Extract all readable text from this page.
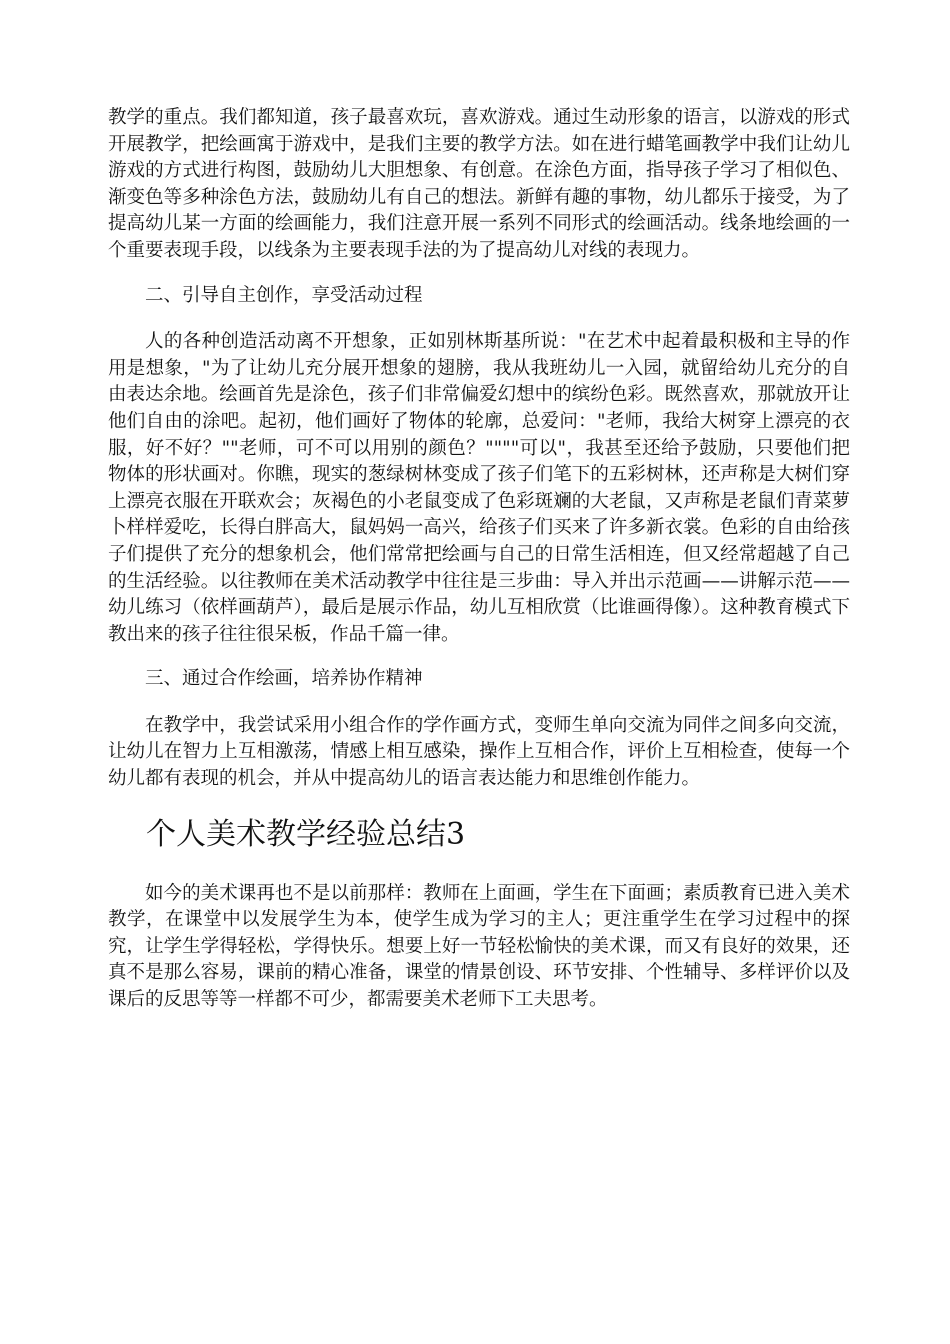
教学的重点。我们都知道，孩子最喜欢玩，喜欢游戏。通过生动形象的语言，以游戏的形式开展教学，把绘画寓于游戏中，是我们主要的教学方法。如在进行蜡笔画教学中我们让幼儿游戏的方式进行构图，鼓励幼儿大胆想象、有创意。在涂色方面，指导孩子学习了相似色、渐变色等多种涂色方法，鼓励幼儿有自己的想法。新鲜有趣的事物，幼儿都乐于接受，为了提高幼儿某一方面的绘画能力，我们注意开展一系列不同形式的绘画活动。线条地绘画的一个重要表现手段，以线条为主要表现手法的为了提高幼儿对线的表现力。

二、引导自主创作，享受活动过程

人的各种创造活动离不开想象，正如别林斯基所说："在艺术中起着最积极和主导的作用是想象，"为了让幼儿充分展开想象的翅膀，我从我班幼儿一入园，就留给幼儿充分的自由表达余地。绘画首先是涂色，孩子们非常偏爱幻想中的缤纷色彩。既然喜欢，那就放开让他们自由的涂吧。起初，他们画好了物体的轮廓，总爱问："老师，我给大树穿上漂亮的衣服，好不好？""老师，可不可以用别的颜色？""""可以"，我甚至还给予鼓励，只要他们把物体的形状画对。你瞧，现实的葱绿树林变成了孩子们笔下的五彩树林，还声称是大树们穿上漂亮衣服在开联欢会；灰褐色的小老鼠变成了色彩斑斓的大老鼠，又声称是老鼠们青菜萝卜样样爱吃，长得白胖高大，鼠妈妈一高兴，给孩子们买来了许多新衣裳。色彩的自由给孩子们提供了充分的想象机会，他们常常把绘画与自己的日常生活相连，但又经常超越了自己的生活经验。以往教师在美术活动教学中往往是三步曲：导入并出示范画——讲解示范——幼儿练习（依样画葫芦），最后是展示作品，幼儿互相欣赏（比谁画得像）。这种教育模式下教出来的孩子往往很呆板，作品千篇一律。

三、通过合作绘画，培养协作精神

在教学中，我尝试采用小组合作的学作画方式，变师生单向交流为同伴之间多向交流，让幼儿在智力上互相激荡，情感上相互感染，操作上互相合作，评价上互相检查，使每一个幼儿都有表现的机会，并从中提高幼儿的语言表达能力和思维创作能力。

个人美术教学经验总结3

如今的美术课再也不是以前那样：教师在上面画，学生在下面画；素质教育已进入美术教学，在课堂中以发展学生为本，使学生成为学习的主人；更注重学生在学习过程中的探究，让学生学得轻松，学得快乐。想要上好一节轻松愉快的美术课，而又有良好的效果，还真不是那么容易，课前的精心准备，课堂的情景创设、环节安排、个性辅导、多样评价以及课后的反思等等一样都不可少，都需要美术老师下工夫思考。
